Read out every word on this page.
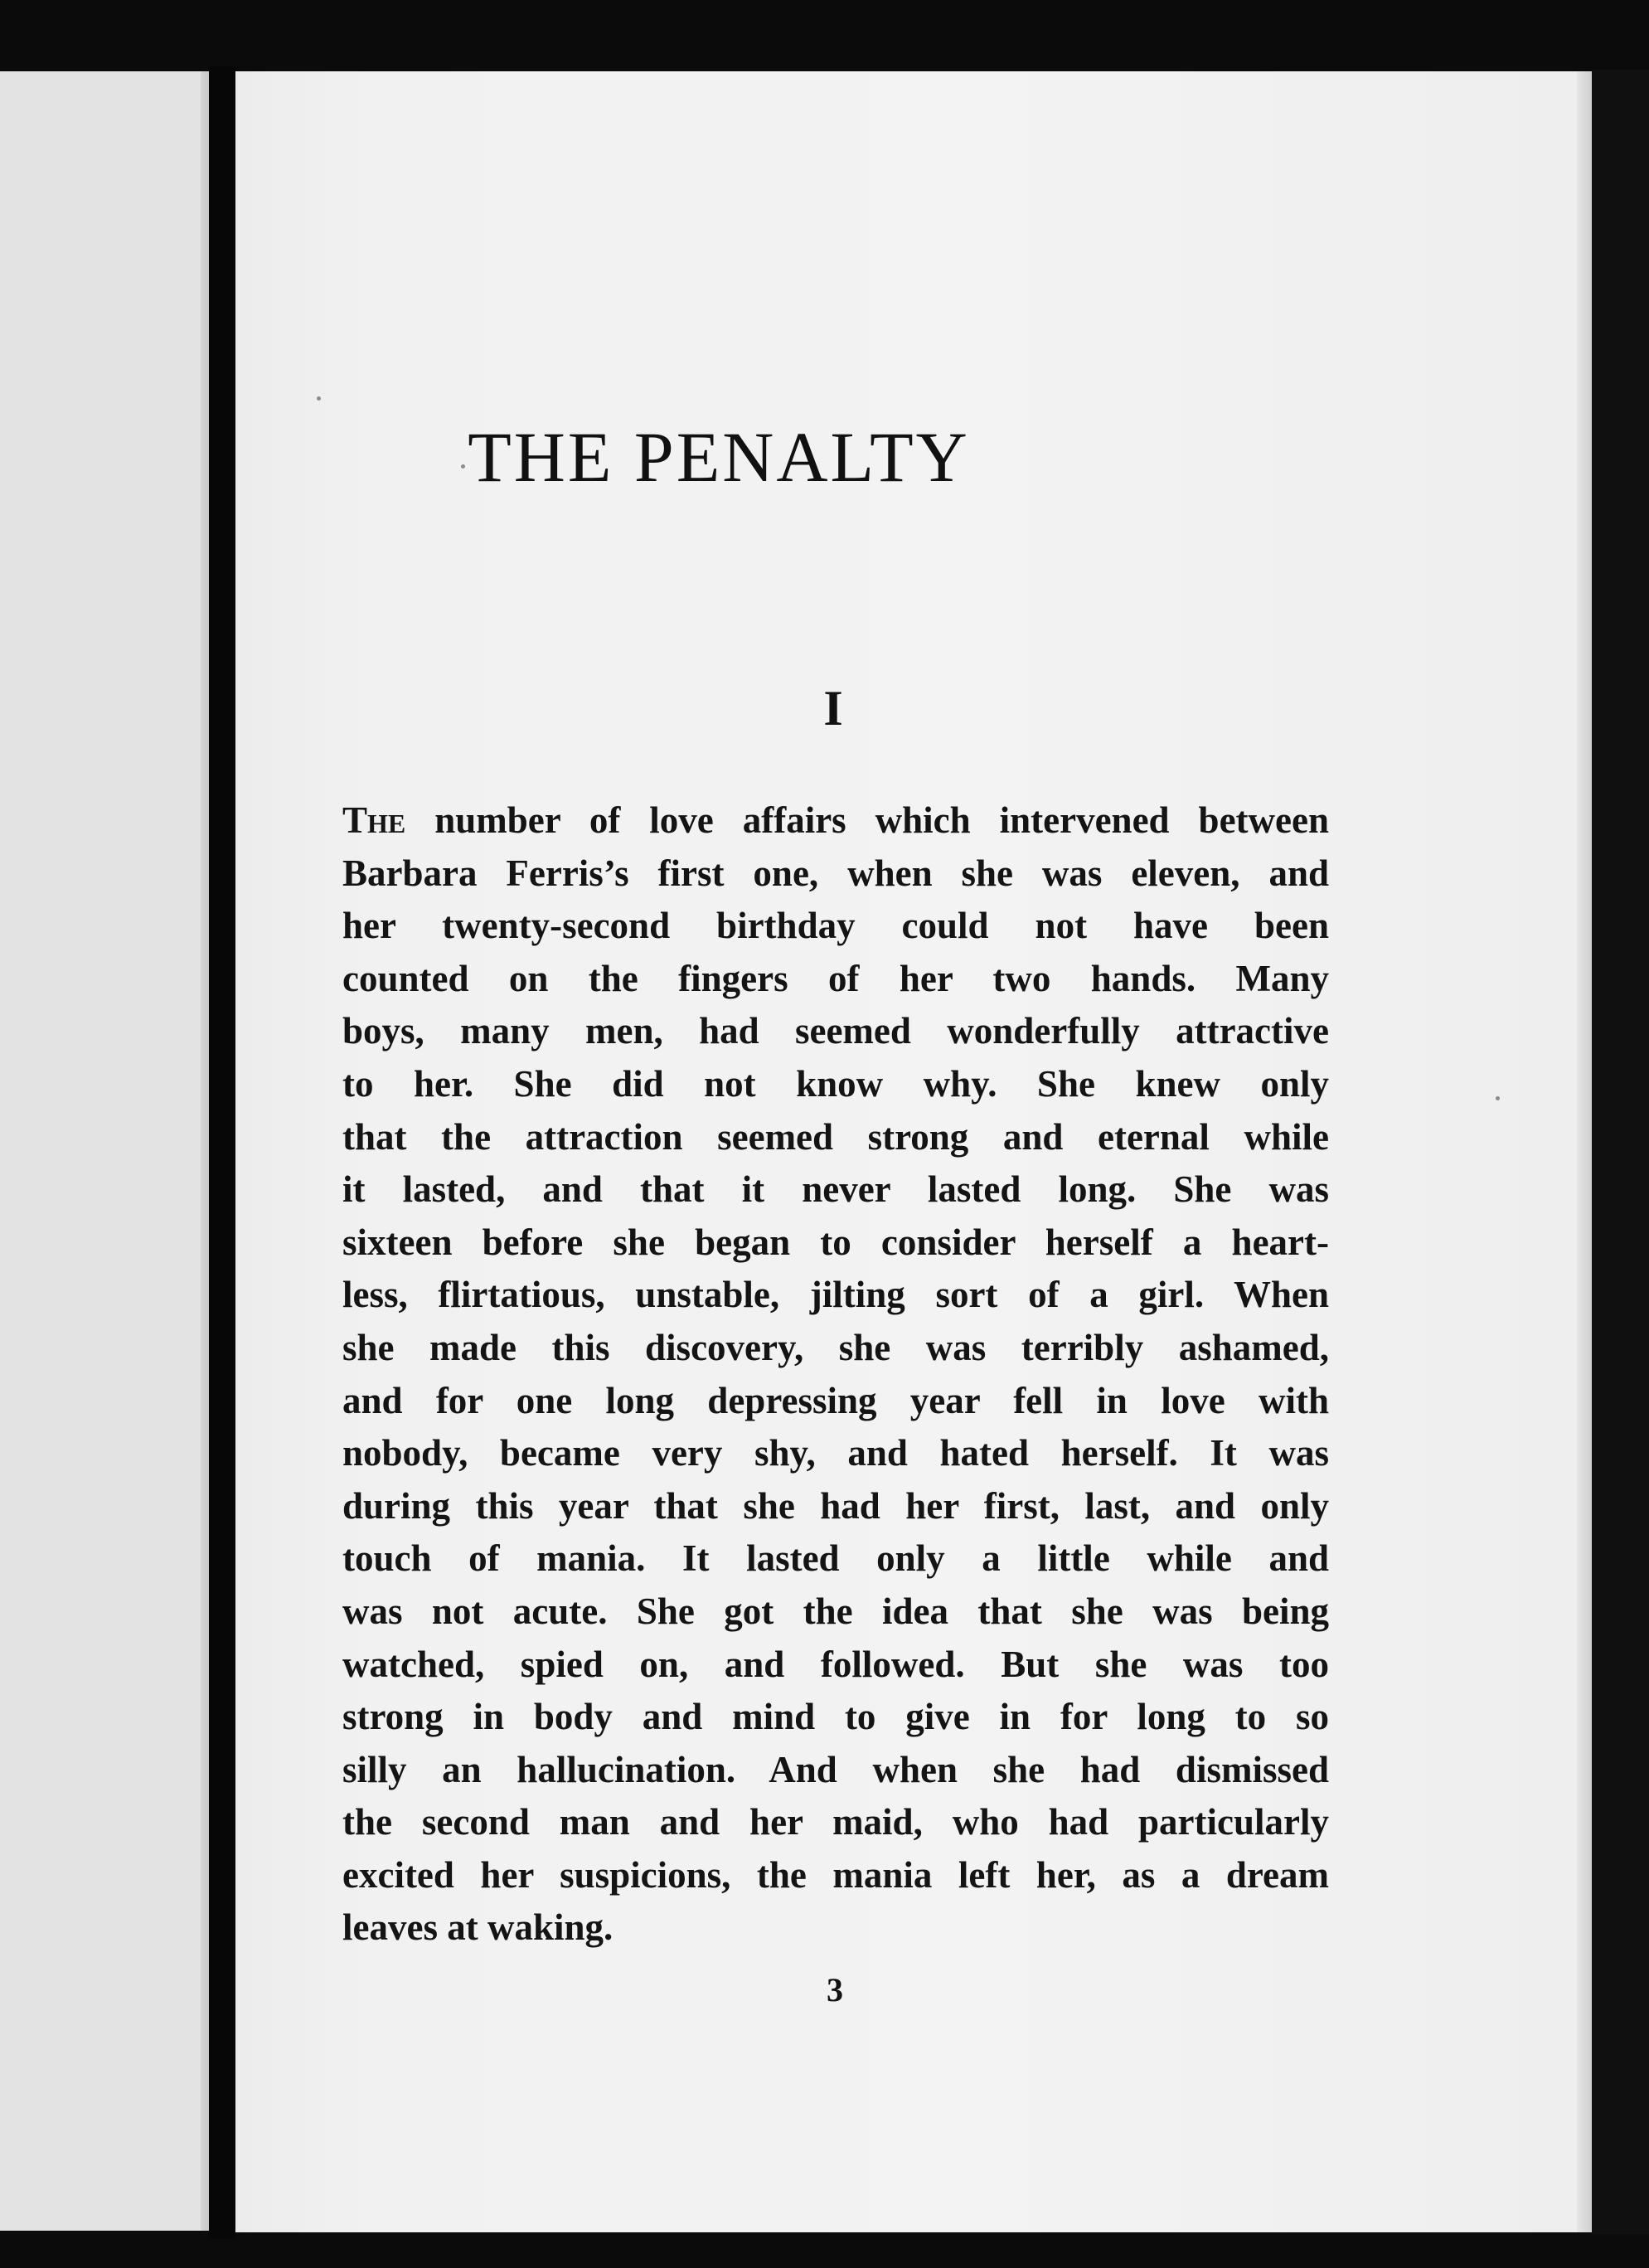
THE PENALTY
I
The number of love affairs which intervened between
Barbara Ferris’s first one, when she was eleven, and
her twenty-second birthday could not have been
counted on the fingers of her two hands. Many
boys, many men, had seemed wonderfully attractive
to her. She did not know why. She knew only
that the attraction seemed strong and eternal while
it lasted, and that it never lasted long. She was
sixteen before she began to consider herself a heart-
less, flirtatious, unstable, jilting sort of a girl. When
she made this discovery, she was terribly ashamed,
and for one long depressing year fell in love with
nobody, became very shy, and hated herself. It was
during this year that she had her first, last, and only
touch of mania. It lasted only a little while and
was not acute. She got the idea that she was being
watched, spied on, and followed. But she was too
strong in body and mind to give in for long to so
silly an hallucination. And when she had dismissed
the second man and her maid, who had particularly
excited her suspicions, the mania left her, as a dream
leaves at waking.
3
